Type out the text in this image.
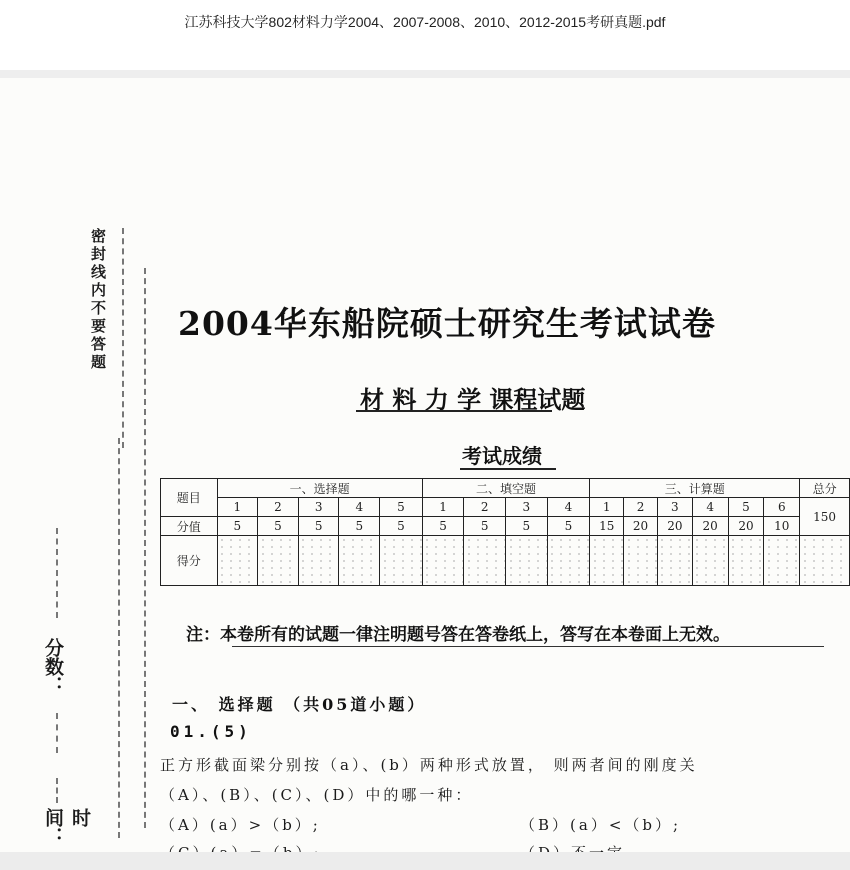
江苏科技大学802材料力学2004、2007-2008、2010、2012-2015考研真题.pdf
密封线内不要答题
分数：
时间：
2004华东船院硕士研究生考试试卷
材 料 力 学 课程试题
考试成绩
题目	一、选择题					二、填空题				三、计算题						总分
	1	2	3	4	5	1	2	3	4	1	2	3	4	5	6	150
分值	5	5	5	5	5	5	5	5	5	15	20	20	20	20	10	
得分																
注：本卷所有的试题一律注明题号答在答卷纸上，答写在本卷面上无效。
一、 选择题 （共05道小题）
01.(5)
正方形截面梁分别按（a）、(b）两种形式放置， 则两者间的刚度关
（A）、(B）、(C）、(D）中的哪一种：
（A）(a）>（b）;	（B）(a）<（b）;
